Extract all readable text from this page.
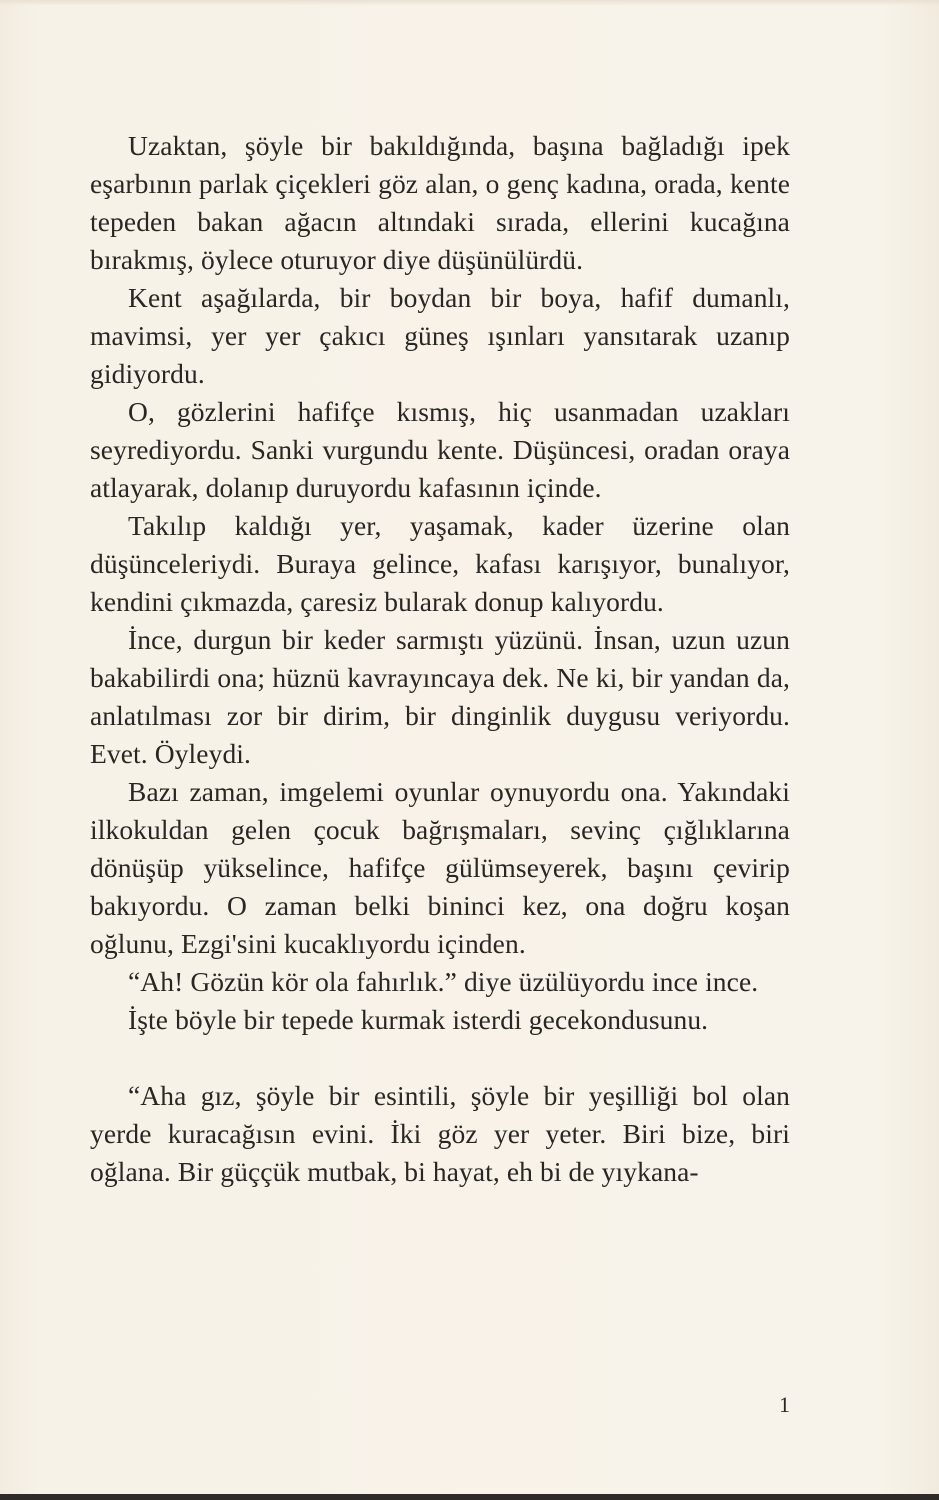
Uzaktan, şöyle bir bakıldığında, başına bağladığı ipek eşarbının parlak çiçekleri göz alan, o genç kadına, orada, kente tepeden bakan ağacın altındaki sırada, ellerini kucağına bırakmış, öylece oturuyor diye düşünülürdü.

Kent aşağılarda, bir boydan bir boya, hafif dumanlı, mavimsi, yer yer çakıcı güneş ışınları yansıtarak uzanıp gidiyordu.

O, gözlerini hafifçe kısmış, hiç usanmadan uzakları seyrediyordu. Sanki vurgundu kente. Düşüncesi, oradan oraya atlayarak, dolanıp duruyordu kafasının içinde.

Takılıp kaldığı yer, yaşamak, kader üzerine olan düşünceleriydi. Buraya gelince, kafası karışıyor, bunalıyor, kendini çıkmazda, çaresiz bularak donup kalıyordu.

İnce, durgun bir keder sarmıştı yüzünü. İnsan, uzun uzun bakabilirdi ona; hüznü kavrayıncaya dek. Ne ki, bir yandan da, anlatılması zor bir dirim, bir dinginlik duygusu veriyordu. Evet. Öyleydi.

Bazı zaman, imgelemi oyunlar oynuyordu ona. Yakındaki ilkokuldan gelen çocuk bağrışmaları, sevinç çığlıklarına dönüşüp yükselince, hafifçe gülümseyerek, başını çevirip bakıyordu. O zaman belki bininci kez, ona doğru koşan oğlunu, Ezgi'sini kucaklıyordu içinden.

“Ah! Gözün kör ola fahırlık.” diye üzülüyordu ince ince.

İşte böyle bir tepede kurmak isterdi gecekondusunu.

“Aha gız, şöyle bir esintili, şöyle bir yeşilliği bol olan yerde kuracağısın evini. İki göz yer yeter. Biri bize, biri oğlana. Bir güççük mutbak, bi hayat, eh bi de yıykana-

1
